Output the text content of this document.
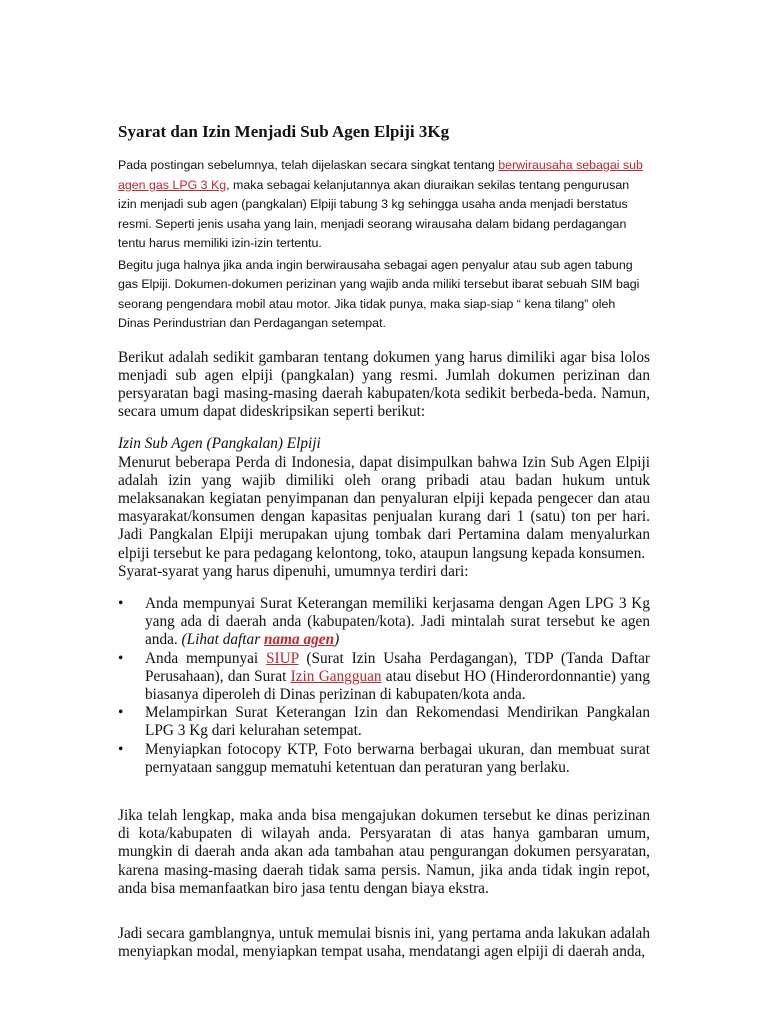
Syarat dan Izin Menjadi Sub Agen Elpiji 3Kg

Pada postingan sebelumnya, telah dijelaskan secara singkat tentang berwirausaha sebagai sub agen gas LPG 3 Kg, maka sebagai kelanjutannya akan diuraikan sekilas tentang pengurusan izin menjadi sub agen (pangkalan) Elpiji tabung 3 kg sehingga usaha anda menjadi berstatus resmi. Seperti jenis usaha yang lain, menjadi seorang wirausaha dalam bidang perdagangan tentu harus memiliki izin-izin tertentu.

Begitu juga halnya jika anda ingin berwirausaha sebagai agen penyalur atau sub agen tabung gas Elpiji. Dokumen-dokumen perizinan yang wajib anda miliki tersebut ibarat sebuah SIM bagi seorang pengendara mobil atau motor. Jika tidak punya, maka siap-siap “ kena tilang” oleh Dinas Perindustrian dan Perdagangan setempat.

Berikut adalah sedikit gambaran tentang dokumen yang harus dimiliki agar bisa lolos menjadi sub agen elpiji (pangkalan) yang resmi. Jumlah dokumen perizinan dan persyaratan bagi masing-masing daerah kabupaten/kota sedikit berbeda-beda. Namun, secara umum dapat dideskripsikan seperti berikut:

Izin Sub Agen (Pangkalan) Elpiji

Menurut beberapa Perda di Indonesia, dapat disimpulkan bahwa Izin Sub Agen Elpiji adalah izin yang wajib dimiliki oleh orang pribadi atau badan hukum untuk melaksanakan kegiatan penyimpanan dan penyaluran elpiji kepada pengecer dan atau masyarakat/konsumen dengan kapasitas penjualan kurang dari 1 (satu) ton per hari. Jadi Pangkalan Elpiji merupakan ujung tombak dari Pertamina dalam menyalurkan elpiji tersebut ke para pedagang kelontong, toko, ataupun langsung kepada konsumen.

Syarat-syarat yang harus dipenuhi, umumnya terdiri dari:

• Anda mempunyai Surat Keterangan memiliki kerjasama dengan Agen LPG 3 Kg yang ada di daerah anda (kabupaten/kota). Jadi mintalah surat tersebut ke agen anda. (Lihat daftar nama agen)
• Anda mempunyai SIUP (Surat Izin Usaha Perdagangan), TDP (Tanda Daftar Perusahaan), dan Surat Izin Gangguan atau disebut HO (Hinderordonnantie) yang biasanya diperoleh di Dinas perizinan di kabupaten/kota anda.
• Melampirkan Surat Keterangan Izin dan Rekomendasi Mendirikan Pangkalan LPG 3 Kg dari kelurahan setempat.
• Menyiapkan fotocopy KTP, Foto berwarna berbagai ukuran, dan membuat surat pernyataan sanggup mematuhi ketentuan dan peraturan yang berlaku.

Jika telah lengkap, maka anda bisa mengajukan dokumen tersebut ke dinas perizinan di kota/kabupaten di wilayah anda. Persyaratan di atas hanya gambaran umum, mungkin di daerah anda akan ada tambahan atau pengurangan dokumen persyaratan, karena masing-masing daerah tidak sama persis. Namun, jika anda tidak ingin repot, anda bisa memanfaatkan biro jasa tentu dengan biaya ekstra.

Jadi secara gamblangnya, untuk memulai bisnis ini, yang pertama anda lakukan adalah menyiapkan modal, menyiapkan tempat usaha, mendatangi agen elpiji di daerah anda,
